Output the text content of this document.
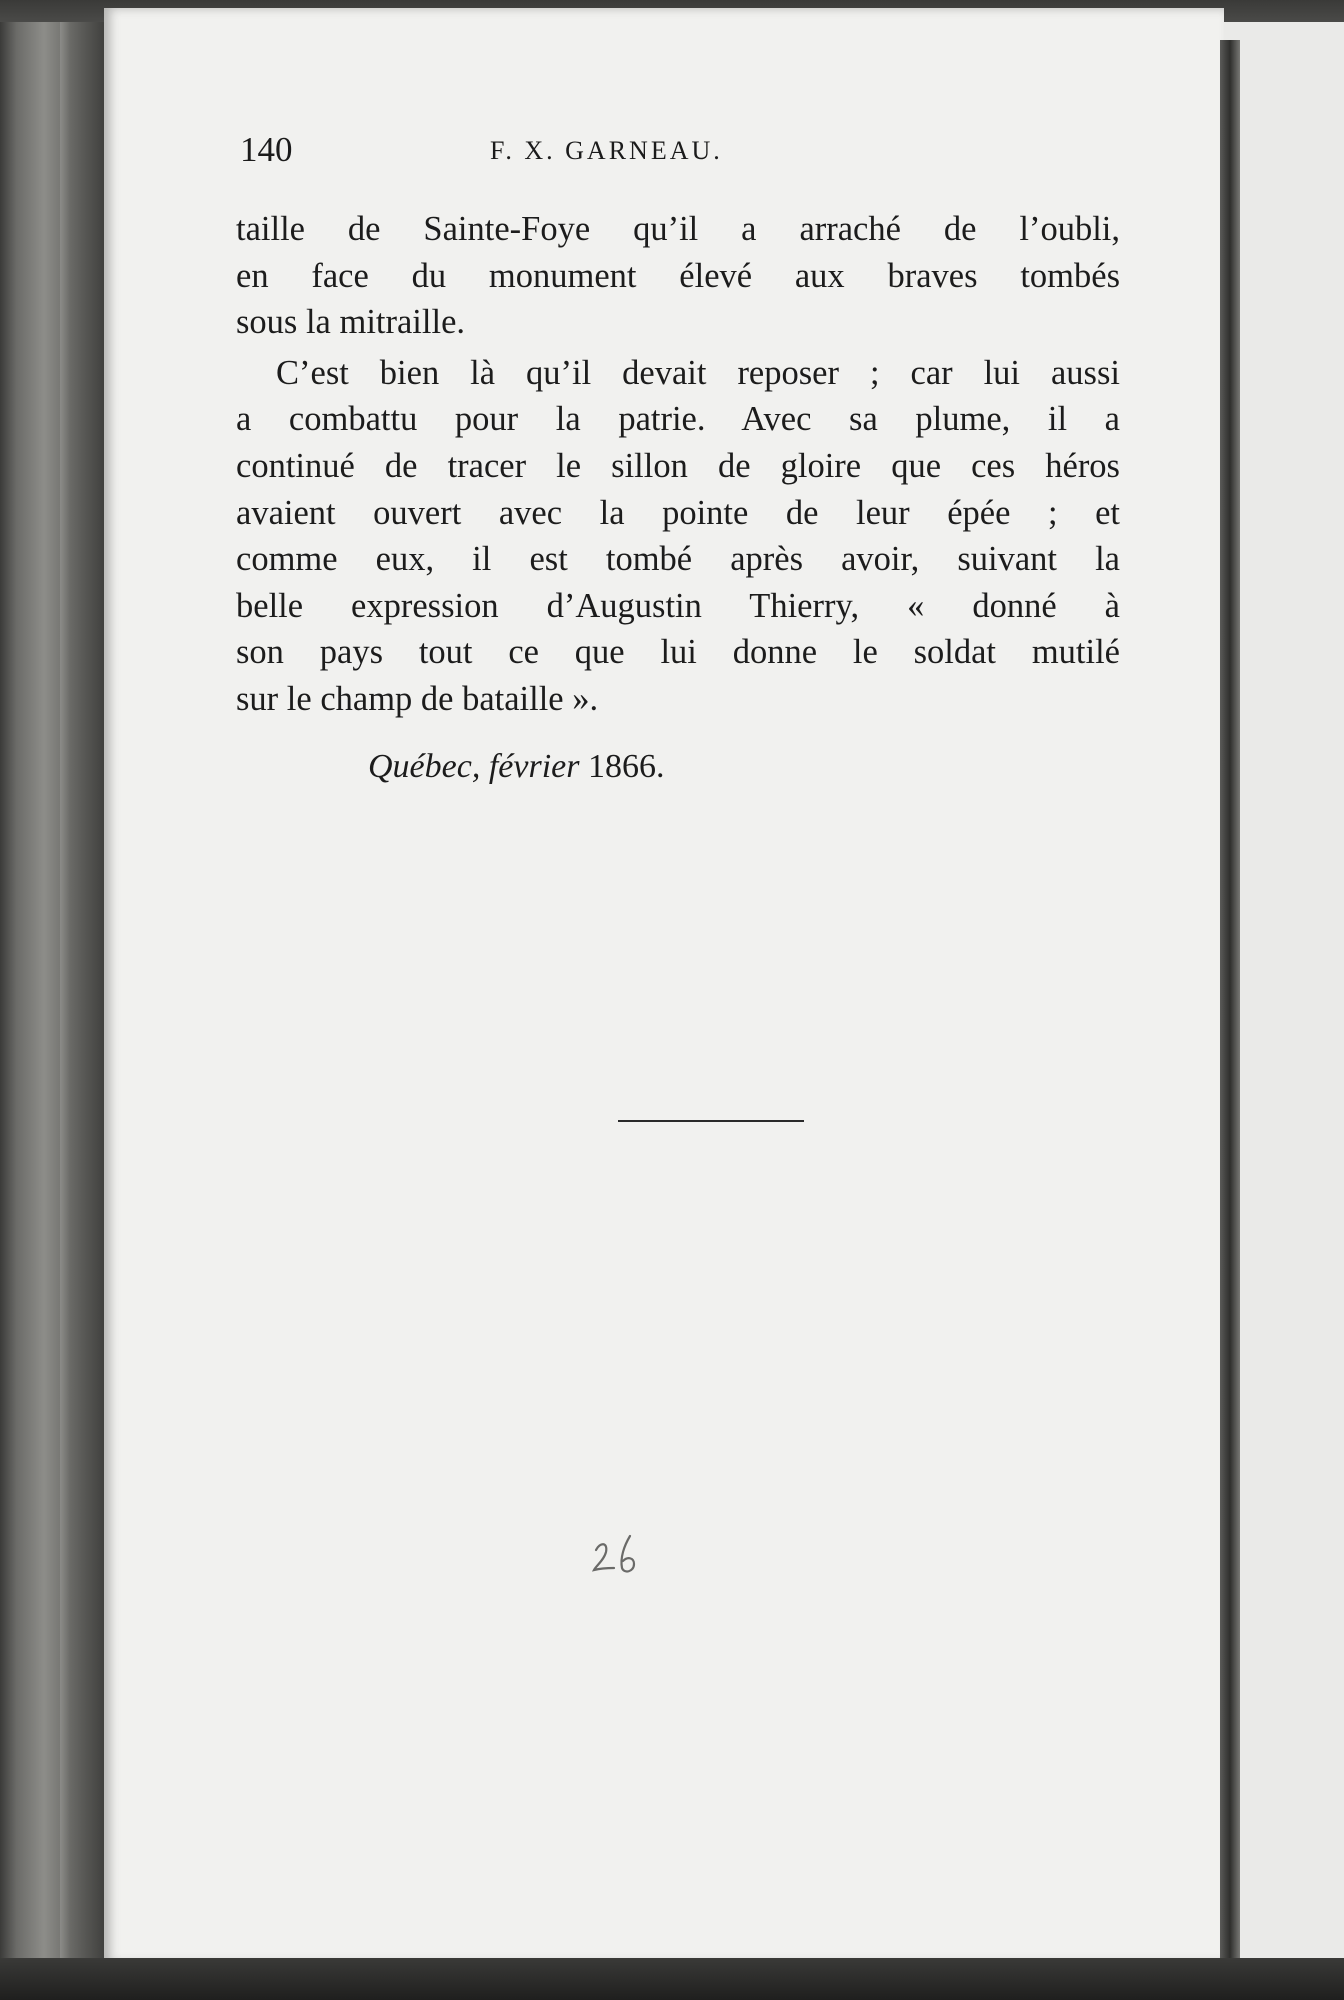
140	F. X. GARNEAU.
taille de Sainte-Foye qu’il a arraché de l’oubli,
en face du monument élevé aux braves tombés
sous la mitraille.
C’est bien là qu’il devait reposer ; car lui aussi
a combattu pour la patrie. Avec sa plume, il a
continué de tracer le sillon de gloire que ces héros
avaient ouvert avec la pointe de leur épée ; et
comme eux, il est tombé après avoir, suivant la
belle expression d’Augustin Thierry, « donné à
son pays tout ce que lui donne le soldat mutilé
sur le champ de bataille ».
Québec, février 1866.
